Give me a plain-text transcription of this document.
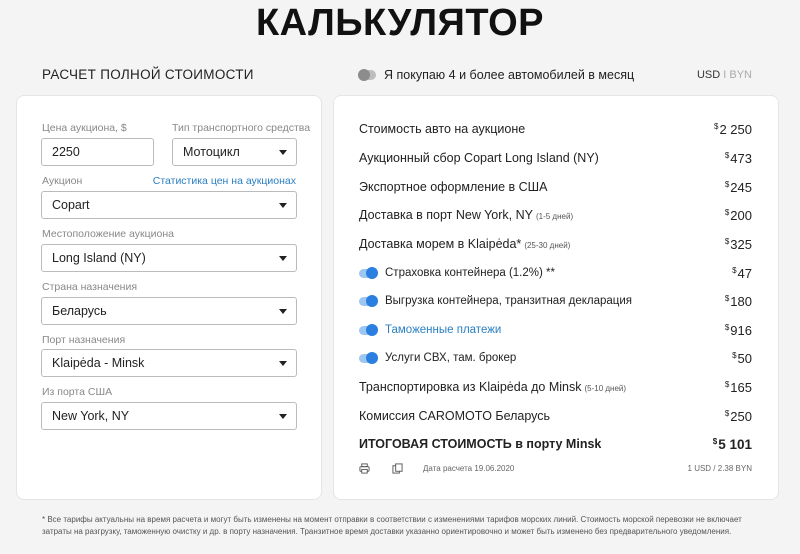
КАЛЬКУЛЯТОР
РАСЧЕТ ПОЛНОЙ СТОИМОСТИ	Я покупаю 4 и более автомобилей в месяц	USD I BYN
Цена аукциона, $
2250
Тип транспортного средства
Мотоцикл
Аукцион	Статистика цен на аукционах
Copart
Местоположение аукциона
Long Island (NY)
Страна назначения
Беларусь
Порт назначения
Klaipėda - Minsk
Из порта США
New York, NY
Стоимость авто на аукционе	$2 250
Аукционный сбор Copart Long Island (NY)	$473
Экспортное оформление в США	$245
Доставка в порт New York, NY (1-5 дней)	$200
Доставка морем в Klaipėda* (25-30 дней)	$325
Страховка контейнера (1.2%) **	$47
Выгрузка контейнера, транзитная декларация	$180
Таможенные платежи	$916
Услуги СВХ, там. брокер	$50
Транспортировка из Klaipėda до Minsk (5-10 дней)	$165
Комиссия CAROMOTO Беларусь	$250
ИТОГОВАЯ СТОИМОСТЬ в порту Minsk	$5 101
Дата расчета 19.06.2020	1 USD / 2.38 BYN
* Все тарифы актуальны на время расчета и могут быть изменены на момент отправки в соответствии с изменениями тарифов морских линий. Стоимость морской перевозки не включает затраты на разгрузку, таможенную очистку и др. в порту назначения. Транзитное время доставки указанно ориентировочно и может быть изменено без предварительного уведомления.
